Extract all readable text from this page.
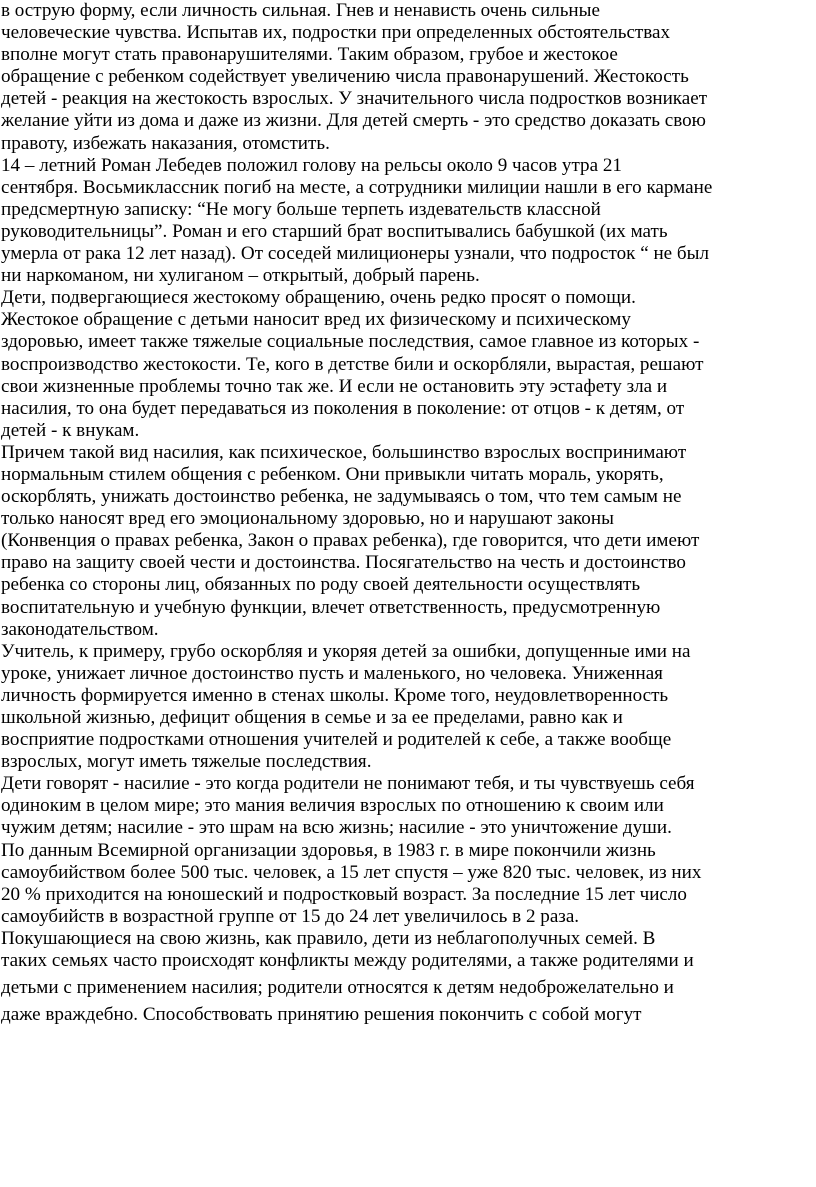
в острую форму, если личность сильная. Гнев и ненависть очень сильные
человеческие чувства. Испытав их, подростки при определенных обстоятельствах
вполне могут стать правонарушителями. Таким образом, грубое и жестокое
обращение с ребенком содействует увеличению числа правонарушений. Жестокость
детей - реакция на жестокость взрослых. У значительного числа подростков возникает
желание уйти из дома и даже из жизни. Для детей смерть - это средство доказать свою
правоту, избежать наказания, отомстить.
14 – летний Роман Лебедев положил голову на рельсы около 9 часов утра 21
сентября. Восьмиклассник погиб на месте, а сотрудники милиции нашли в его кармане
предсмертную записку: “Не могу больше терпеть издевательств классной
руководительницы”. Роман и его старший брат воспитывались бабушкой (их мать
умерла от рака 12 лет назад). От соседей милиционеры узнали, что подросток “ не был
ни наркоманом, ни хулиганом – открытый, добрый парень.
Дети, подвергающиеся жестокому обращению, очень редко просят о помощи.
Жестокое обращение с детьми наносит вред их физическому и психическому
здоровью, имеет также тяжелые социальные последствия, самое главное из которых -
воспроизводство жестокости. Те, кого в детстве били и оскорбляли, вырастая, решают
свои жизненные проблемы точно так же. И если не остановить эту эстафету зла и
насилия, то она будет передаваться из поколения в поколение: от отцов - к детям, от
детей - к внукам.
Причем такой вид насилия, как психическое, большинство взрослых воспринимают
нормальным стилем общения с ребенком. Они привыкли читать мораль, укорять,
оскорблять, унижать достоинство ребенка, не задумываясь о том, что тем самым не
только наносят вред его эмоциональному здоровью, но и нарушают законы
(Конвенция о правах ребенка, Закон о правах ребенка), где говорится, что дети имеют
право на защиту своей чести и достоинства. Посягательство на честь и достоинство
ребенка со стороны лиц, обязанных по роду своей деятельности осуществлять
воспитательную и учебную функции, влечет ответственность, предусмотренную
законодательством.
Учитель, к примеру, грубо оскорбляя и укоряя детей за ошибки, допущенные ими на
уроке, унижает личное достоинство пусть и маленького, но человека. Униженная
личность формируется именно в стенах школы. Кроме того, неудовлетворенность
школьной жизнью, дефицит общения в семье и за ее пределами, равно как и
восприятие подростками отношения учителей и родителей к себе, а также вообще
взрослых, могут иметь тяжелые последствия.
Дети говорят - насилие - это когда родители не понимают тебя, и ты чувствуешь себя
одиноким в целом мире; это мания величия взрослых по отношению к своим или
чужим детям; насилие - это шрам на всю жизнь; насилие - это уничтожение души.
По данным Всемирной организации здоровья, в 1983 г. в мире покончили жизнь
самоубийством более 500 тыс. человек, а 15 лет спустя – уже 820 тыс. человек, из них
20 % приходится на юношеский и подростковый возраст. За последние 15 лет число
самоубийств в возрастной группе от 15 до 24 лет увеличилось в 2 раза.
Покушающиеся на свою жизнь, как правило, дети из неблагополучных семей. В
таких семьях часто происходят конфликты между родителями, а также родителями и
детьми с применением насилия; родители относятся к детям недоброжелательно и
даже враждебно. Способствовать принятию решения покончить с собой могут
